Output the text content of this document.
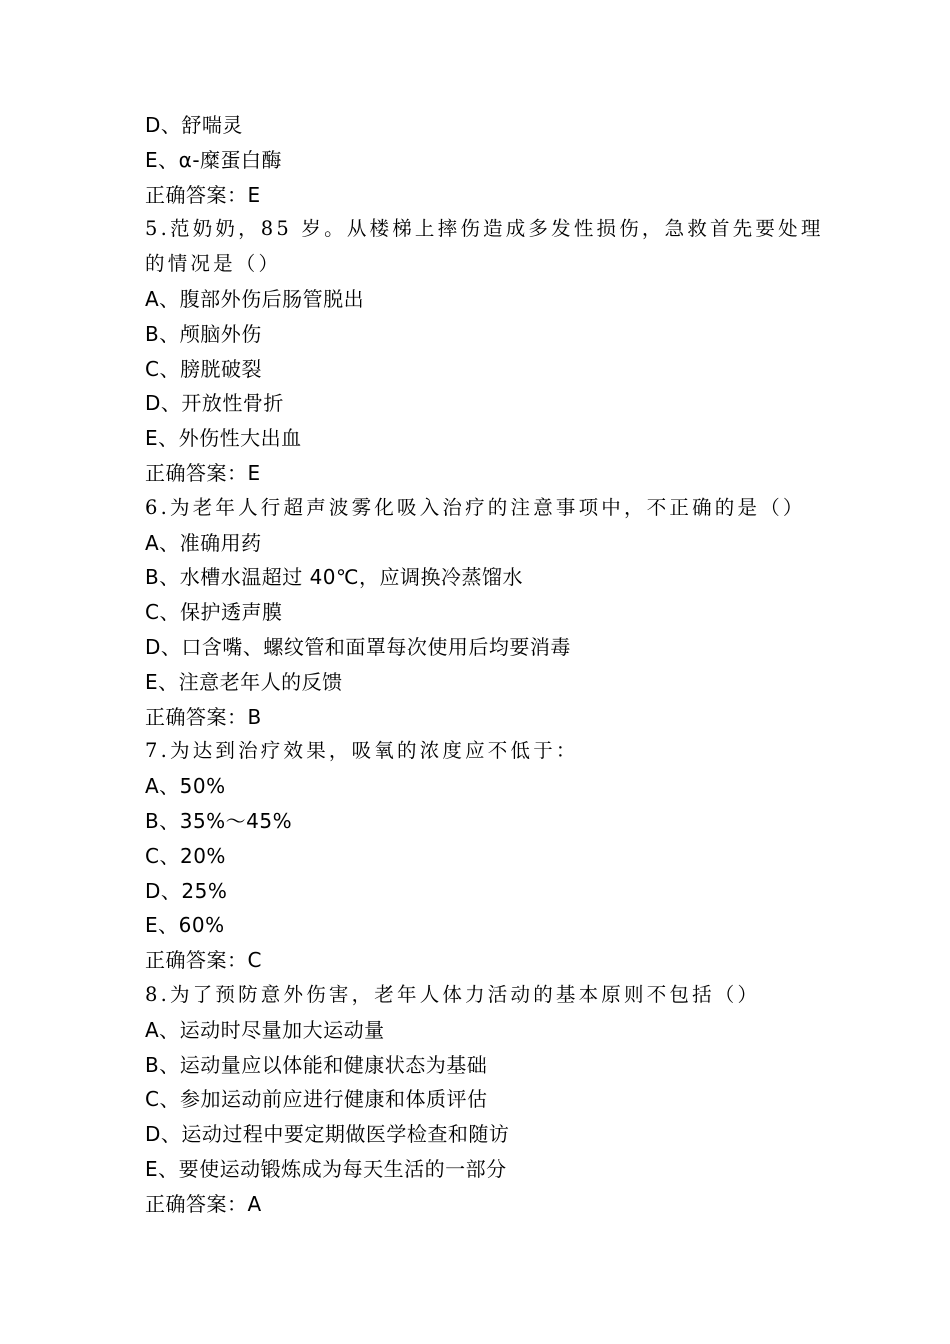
D、舒喘灵
E、α-糜蛋白酶
正确答案：E
5.范奶奶，85 岁。从楼梯上摔伤造成多发性损伤，急救首先要处理
的情况是（）
A、腹部外伤后肠管脱出
B、颅脑外伤
C、膀胱破裂
D、开放性骨折
E、外伤性大出血
正确答案：E
6.为老年人行超声波雾化吸入治疗的注意事项中，不正确的是（）
A、准确用药
B、水槽水温超过 40℃，应调换冷蒸馏水
C、保护透声膜
D、口含嘴、螺纹管和面罩每次使用后均要消毒
E、注意老年人的反馈
正确答案：B
7.为达到治疗效果，吸氧的浓度应不低于：
A、50%
B、35%～45%
C、20%
D、25%
E、60%
正确答案：C
8.为了预防意外伤害，老年人体力活动的基本原则不包括（）
A、运动时尽量加大运动量
B、运动量应以体能和健康状态为基础
C、参加运动前应进行健康和体质评估
D、运动过程中要定期做医学检查和随访
E、要使运动锻炼成为每天生活的一部分
正确答案：A
